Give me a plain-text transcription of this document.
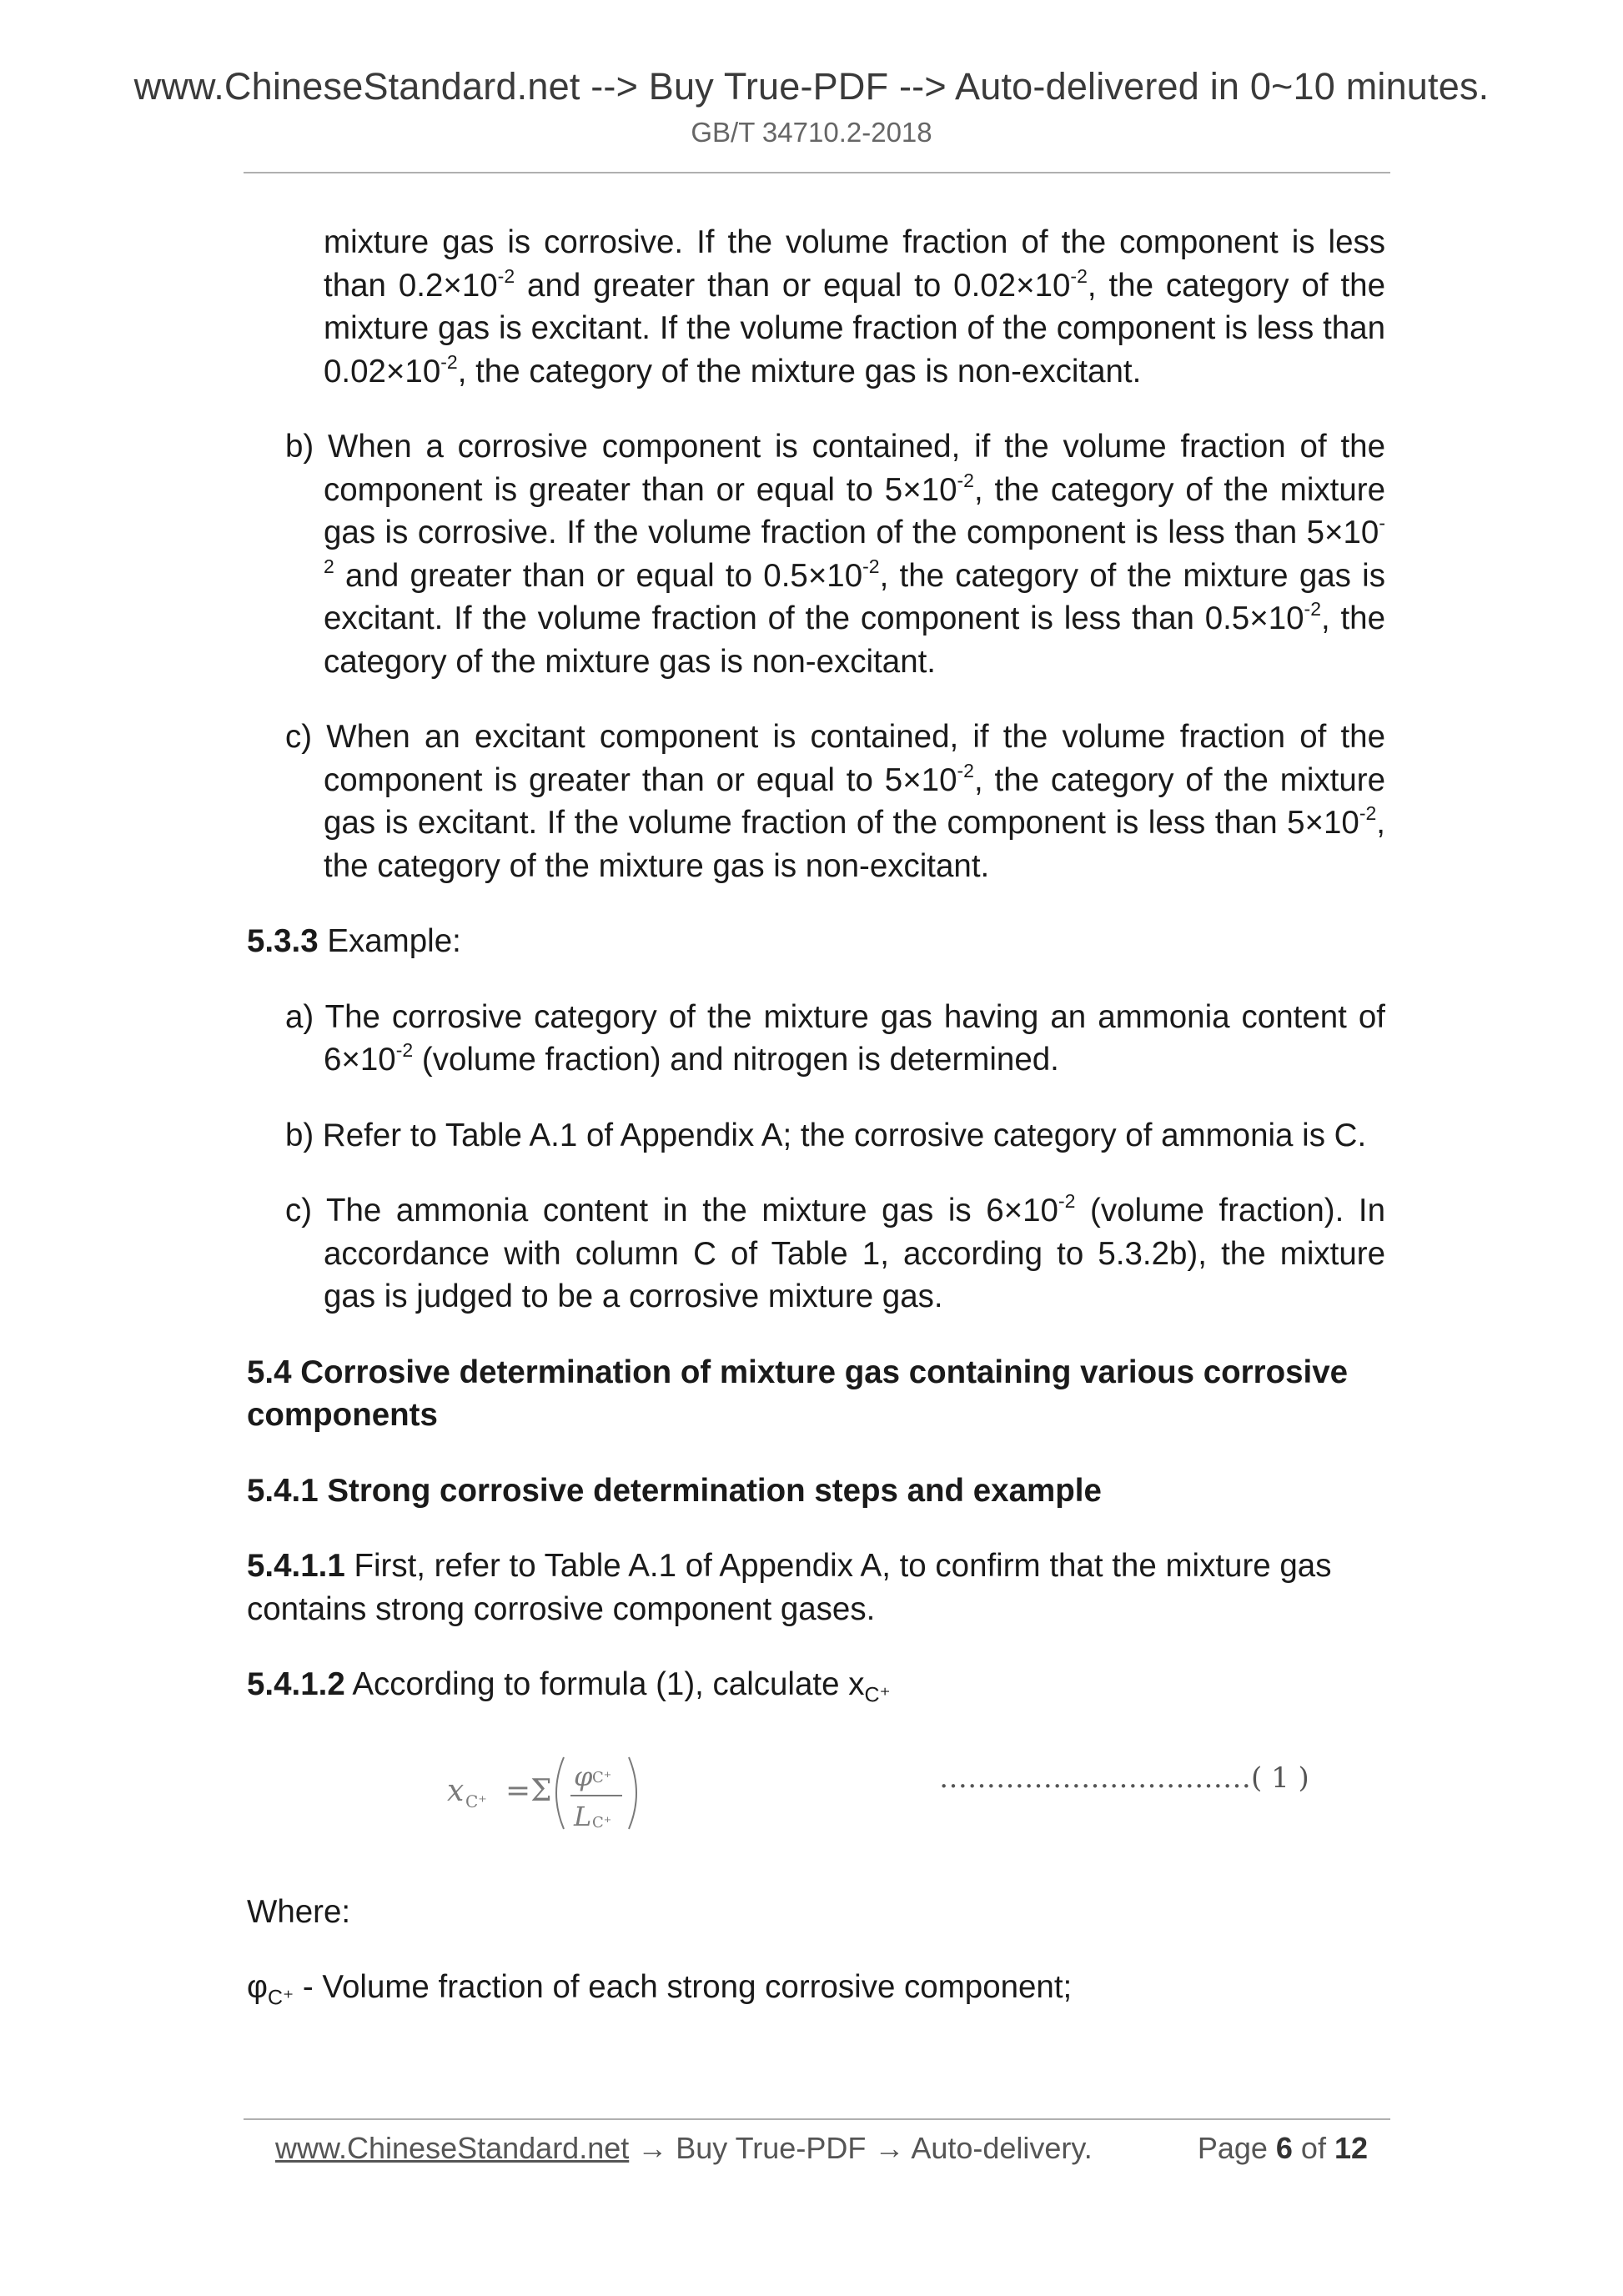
www.ChineseStandard.net --> Buy True-PDF --> Auto-delivered in 0~10 minutes.
GB/T 34710.2-2018

mixture gas is corrosive. If the volume fraction of the component is less than $0.2\times 10^{-2}$ and greater than or equal to $0.02\times 10^{-2}$, the category of the mixture gas is excitant. If the volume fraction of the component is less than $0.02\times 10^{-2}$, the category of the mixture gas is non-excitant.

b) When a corrosive component is contained, if the volume fraction of the component is greater than or equal to $5\times 10^{-2}$, the category of the mixture gas is corrosive. If the volume fraction of the component is less than $5\times 10^{-2}$ and greater than or equal to $0.5\times 10^{-2}$, the category of the mixture gas is excitant. If the volume fraction of the component is less than $0.5\times 10^{-2}$, the category of the mixture gas is non-excitant.

c) When an excitant component is contained, if the volume fraction of the component is greater than or equal to $5\times 10^{-2}$, the category of the mixture gas is excitant. If the volume fraction of the component is less than $5\times 10^{-2}$, the category of the mixture gas is non-excitant.

5.3.3 Example:

a) The corrosive category of the mixture gas having an ammonia content of $6\times 10^{-2}$ (volume fraction) and nitrogen is determined.

b) Refer to Table A.1 of Appendix A; the corrosive category of ammonia is C.

c) The ammonia content in the mixture gas is $6\times 10^{-2}$ (volume fraction). In accordance with column C of Table 1, according to 5.3.2b), the mixture gas is judged to be a corrosive mixture gas.

5.4 Corrosive determination of mixture gas containing various corrosive components

5.4.1 Strong corrosive determination steps and example

5.4.1.1 First, refer to Table A.1 of Appendix A, to confirm that the mixture gas contains strong corrosive component gases.

5.4.1.2 According to formula (1), calculate $x_{C^+}$

x C⁺ =Σ φ C⁺
L C⁺
……………………………( 1 )

Where:

$\varphi_{C^+}$ - Volume fraction of each strong corrosive component;

www.ChineseStandard.net → Buy True-PDF → Auto-delivery.	Page 6 of 12
